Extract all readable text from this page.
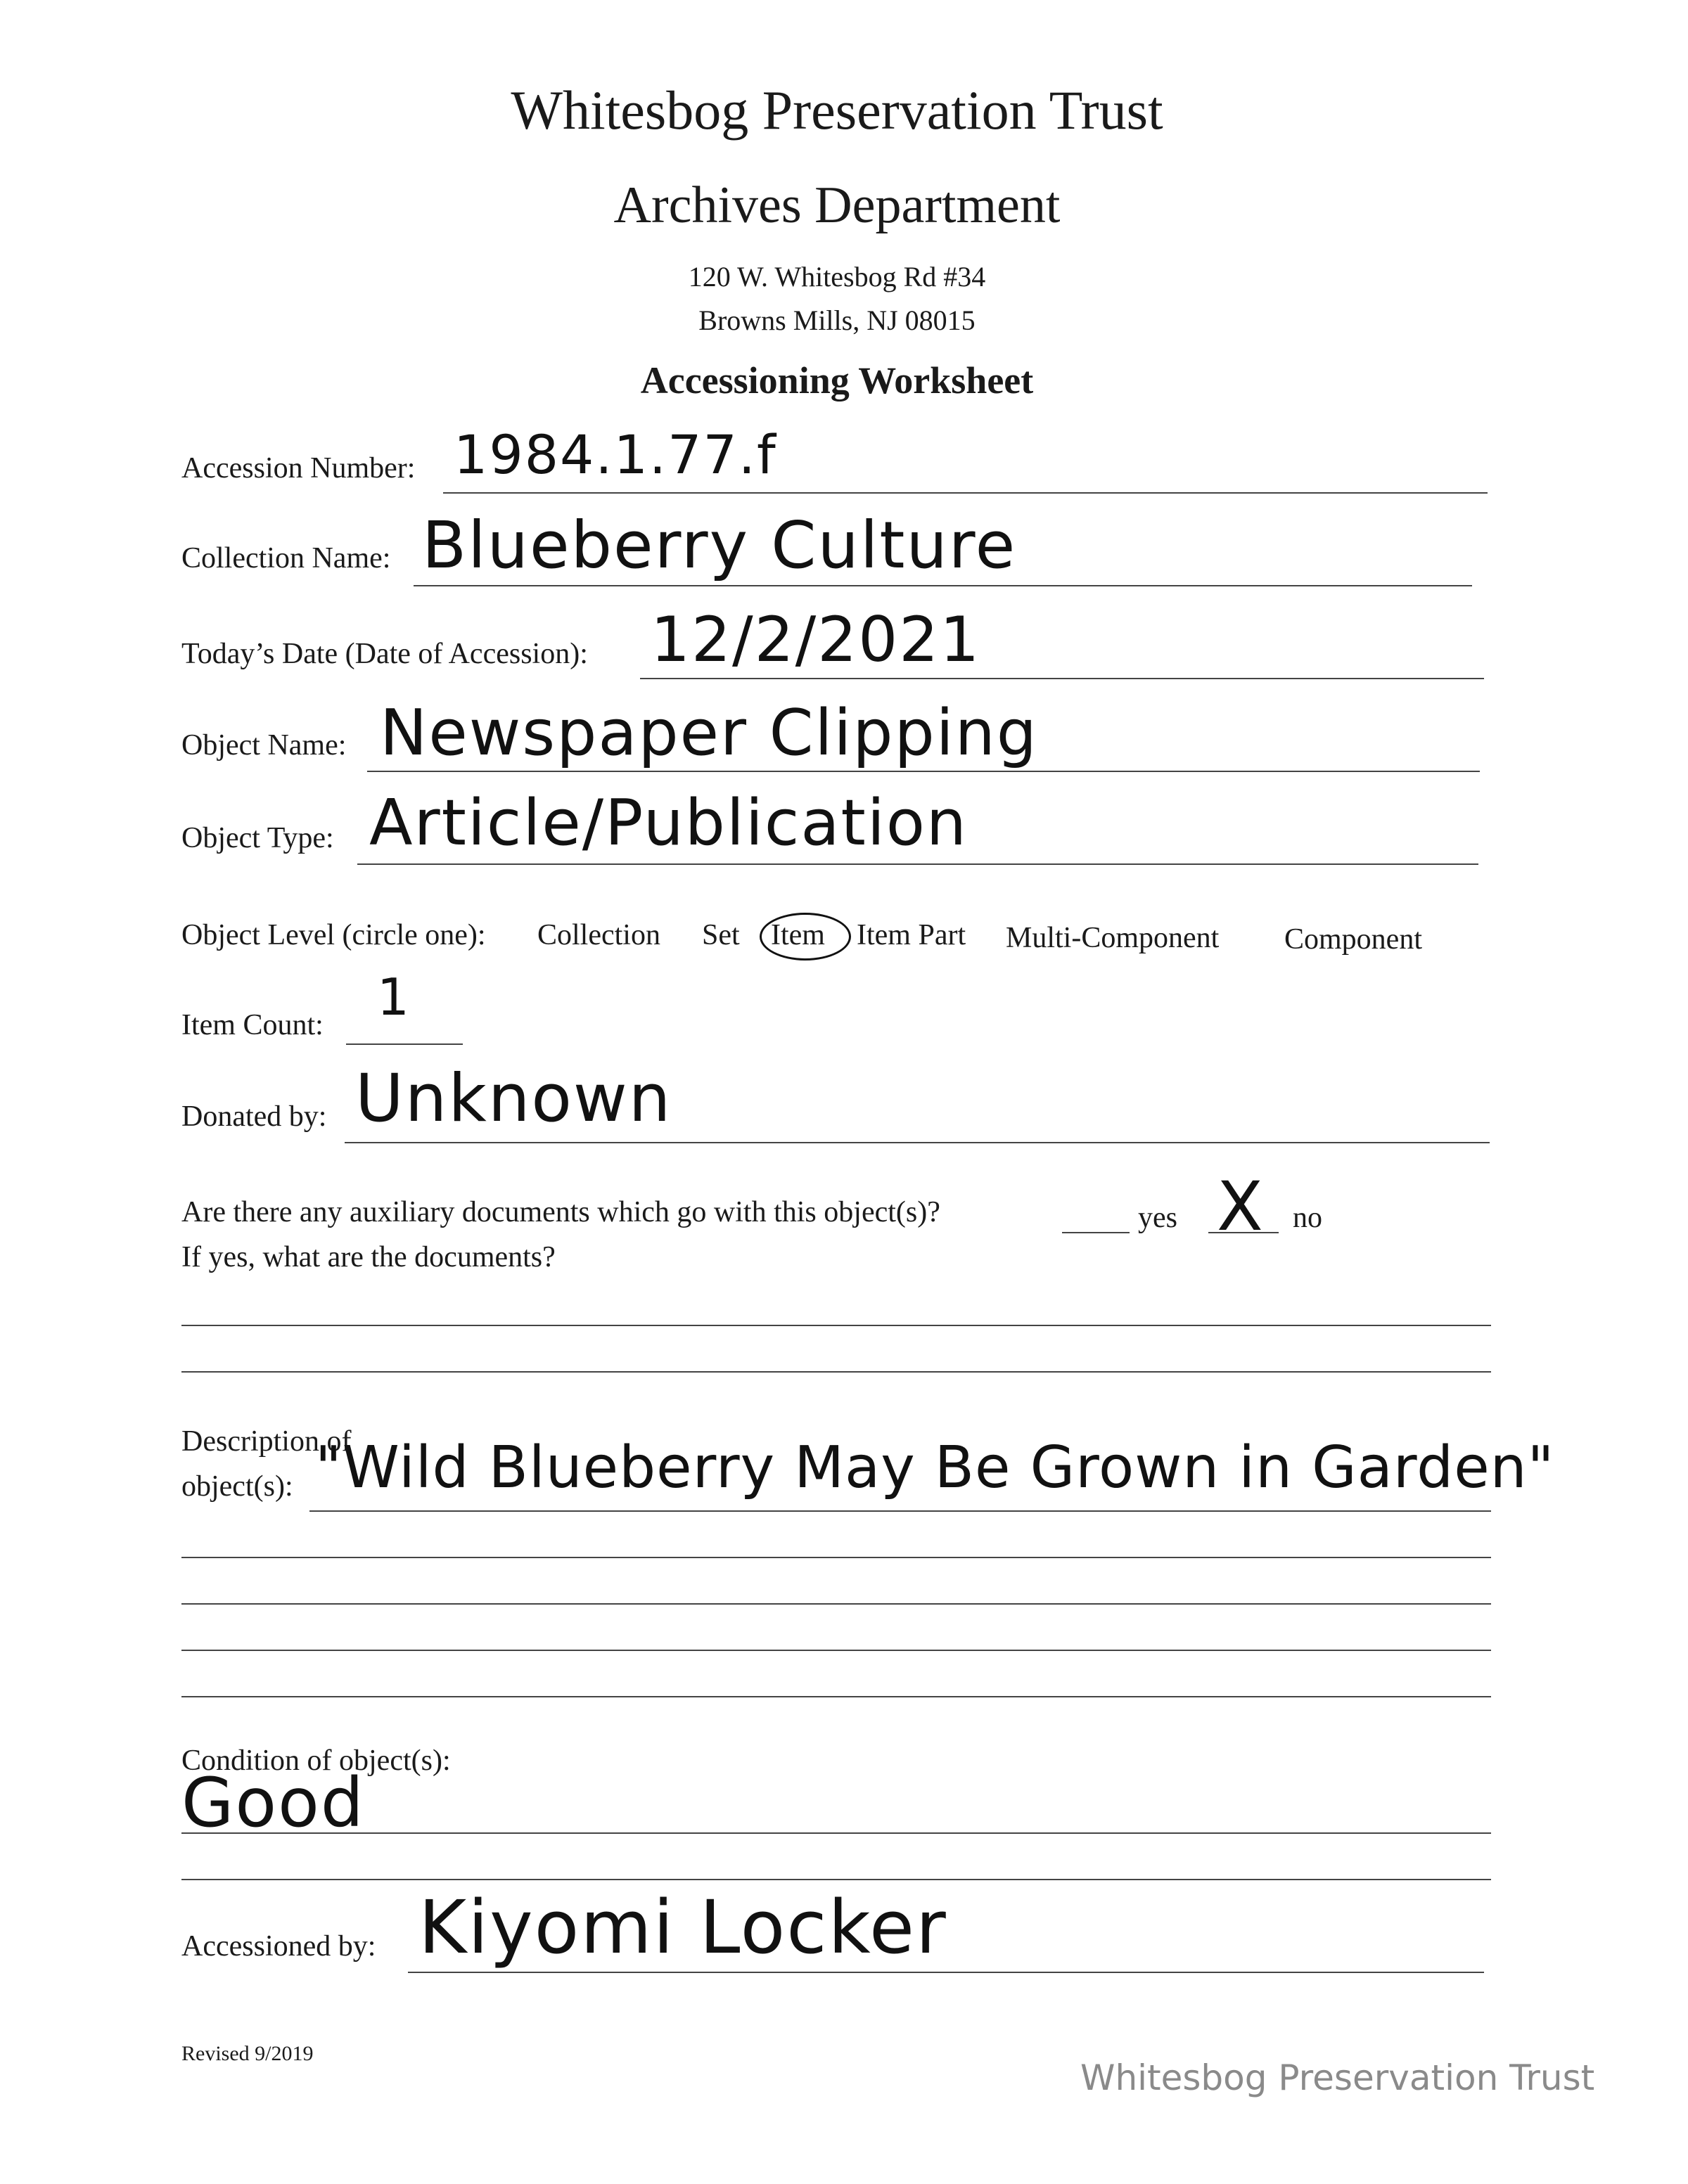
Whitesbog Preservation Trust
Archives Department
120 W. Whitesbog Rd #34
Browns Mills, NJ 08015
Accessioning Worksheet
Accession Number: 1984.1.77.f
Collection Name: Blueberry Culture
Today’s Date (Date of Accession): 12/2/2021
Object Name: Newspaper Clipping
Object Type: Article/Publication
Object Level (circle one): Collection Set Item Item Part Multi-Component Component
Item Count: 1
Donated by: Unknown
Are there any auxiliary documents which go with this object(s)?	yes X no
If yes, what are the documents?
Description of
object(s): "Wild Blueberry May Be Grown in Garden"
Condition of object(s):
Good
Accessioned by: Kiyomi Locker
Revised 9/2019
Whitesbog Preservation Trust
